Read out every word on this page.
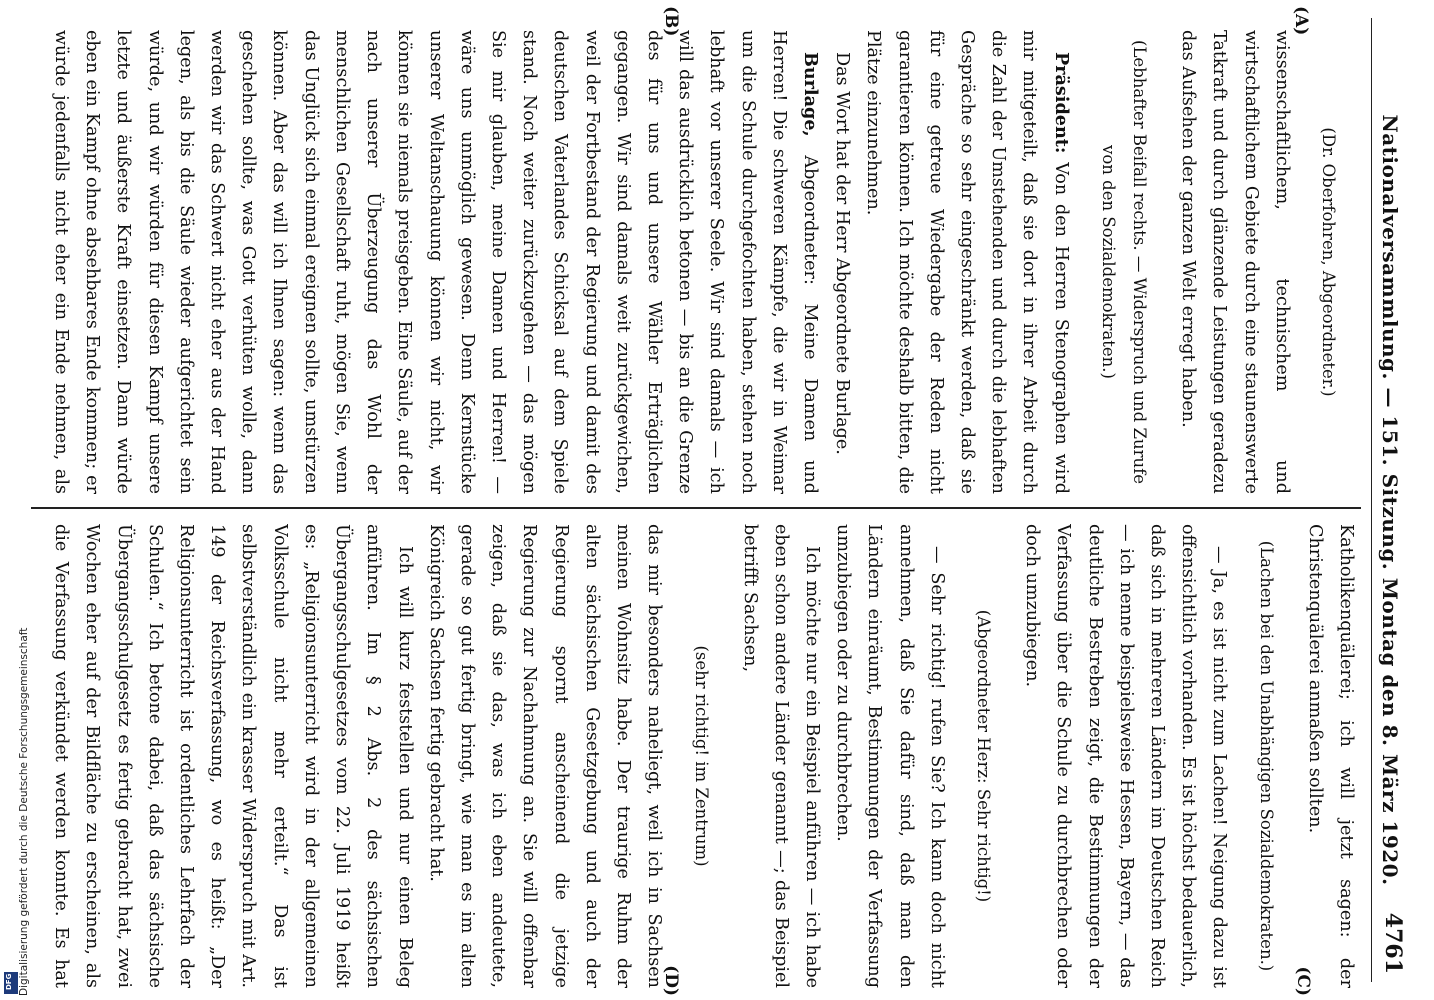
Nationalversammlung. — 151. Sitzung. Montag den 8. März 1920.
4761
(A)
(B)
(C)
(D)

(Dr. Oberfohren, Abgeordneter.)

wissenschaftlichem, technischem und wirtschaftlichem Gebiete durch eine staunenswerte Tatkraft und durch glänzende Leistungen geradezu das Aufsehen der ganzen Welt erregt haben.

(Lebhafter Beifall rechts. — Widerspruch und Zurufe von den Sozialdemokraten.)

Präsident: Von den Herren Stenographen wird mir mitgeteilt, daß sie dort in ihrer Arbeit durch die Zahl der Umstehenden und durch die lebhaften Gespräche so sehr eingeschränkt werden, daß sie für eine getreue Wiedergabe der Reden nicht garantieren können. Ich möchte deshalb bitten, die Plätze einzunehmen.

Das Wort hat der Herr Abgeordnete Burlage.

Burlage, Abgeordneter: Meine Damen und Herren! Die schweren Kämpfe, die wir in Weimar um die Schule durchgefochten haben, stehen noch lebhaft vor unserer Seele. Wir sind damals — ich will das ausdrücklich betonen — bis an die Grenze des für uns und unsere Wähler Erträglichen gegangen. Wir sind damals weit zurückgewichen, weil der Fortbestand der Regierung und damit des deutschen Vaterlandes Schicksal auf dem Spiele stand. Noch weiter zurückzugehen — das mögen Sie mir glauben, meine Damen und Herren! — wäre uns unmöglich gewesen. Denn Kernstücke unserer Weltanschauung können wir nicht, wir können sie niemals preisgeben. Eine Säule, auf der nach unserer Überzeugung das Wohl der menschlichen Gesellschaft ruht, mögen Sie, wenn das Unglück sich einmal ereignen sollte, umstürzen können. Aber das will ich Ihnen sagen: wenn das geschehen sollte, was Gott verhüten wolle, dann werden wir das Schwert nicht eher aus der Hand legen, als bis die Säule wieder aufgerichtet sein würde, und wir würden für diesen Kampf unsere letzte und äußerste Kraft einsetzen. Dann würde eben ein Kampf ohne absehbares Ende kommen; er würde jedenfalls nicht eher ein Ende nehmen, als

Katholikenquälerei; ich will jetzt sagen: der Christenquälerei anmaßen sollten.

(Lachen bei den Unabhängigen Sozialdemokraten.)

— Ja, es ist nicht zum Lachen! Neigung dazu ist offensichtlich vorhanden. Es ist höchst bedauerlich, daß sich in mehreren Ländern im Deutschen Reich — ich nenne beispielsweise Hessen, Bayern, — das deutliche Bestreben zeigt, die Bestimmungen der Verfassung über die Schule zu durchbrechen oder doch umzubiegen.

(Abgeordneter Herz: Sehr richtig!)

— Sehr richtig! rufen Sie? Ich kann doch nicht annehmen, daß Sie dafür sind, daß man den Ländern einräumt, Bestimmungen der Verfassung umzubiegen oder zu durchbrechen.

Ich möchte nur ein Beispiel anführen — ich habe eben schon andere Länder genannt —; das Beispiel betrifft Sachsen,

(sehr richtig! im Zentrum)

das mir besonders naheliegt, weil ich in Sachsen meinen Wohnsitz habe. Der traurige Ruhm der alten sächsischen Gesetzgebung und auch der Regierung spornt anscheinend die jetzige Regierung zur Nachahmung an. Sie will offenbar zeigen, daß sie das, was ich eben andeutete, gerade so gut fertig bringt, wie man es im alten Königreich Sachsen fertig gebracht hat.

Ich will kurz feststellen und nur einen Beleg anführen. Im § 2 Abs. 2 des sächsischen Übergangsschulgesetzes vom 22. Juli 1919 heißt es: „Religionsunterricht wird in der allgemeinen Volksschule nicht mehr erteilt.“ Das ist selbstverständlich ein krasser Widerspruch mit Art. 149 der Reichsverfassung, wo es heißt: „Der Religionsunterricht ist ordentliches Lehrfach der Schulen.“ Ich betone dabei, daß das sächsische Übergangsschulgesetz es fertig gebracht hat, zwei Wochen eher auf der Bildfläche zu erscheinen, als die Verfassung verkündet werden konnte. Es hat

Digitalisierung gefördert durch die Deutsche Forschungsgemeinschaft
DFG
